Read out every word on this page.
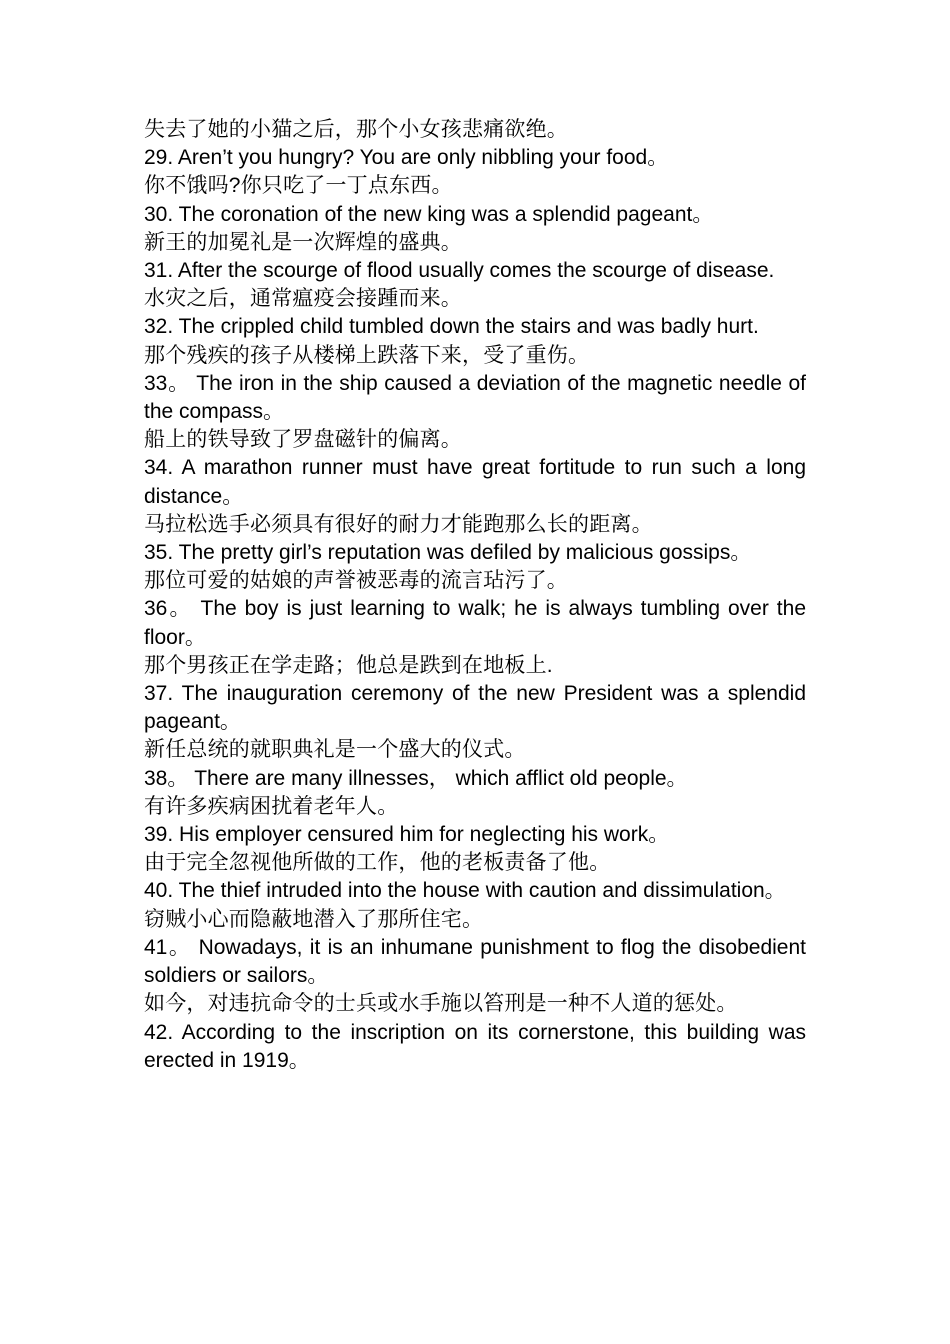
失去了她的小猫之后，那个小女孩悲痛欲绝。

29. Aren’t you hungry? You are only nibbling your food。

你不饿吗?你只吃了一丁点东西。

30. The coronation of the new king was a splendid pageant。

新王的加冕礼是一次辉煌的盛典。

31. After the scourge of flood usually comes the scourge of disease.

水灾之后，通常瘟疫会接踵而来。

32. The crippled child tumbled down the stairs and was badly hurt.

那个残疾的孩子从楼梯上跌落下来，受了重伤。

33。 The iron in the ship caused a deviation of the magnetic needle of the compass。

船上的铁导致了罗盘磁针的偏离。

34. A marathon runner must have great fortitude to run such a long distance。

马拉松选手必须具有很好的耐力才能跑那么长的距离。

35. The pretty girl’s reputation was defiled by malicious gossips。

那位可爱的姑娘的声誉被恶毒的流言玷污了。

36。 The boy is just learning to walk; he is always tumbling over the floor。

那个男孩正在学走路；他总是跌到在地板上.

37. The inauguration ceremony of the new President was a splendid pageant。

新任总统的就职典礼是一个盛大的仪式。

38。 There are many illnesses， which afflict old people。

有许多疾病困扰着老年人。

39. His employer censured him for neglecting his work。

由于完全忽视他所做的工作，他的老板责备了他。

40. The thief intruded into the house with caution and dissimulation。

窃贼小心而隐蔽地潜入了那所住宅。

41。 Nowadays, it is an inhumane punishment to flog the disobedient soldiers or sailors。

如今，对违抗命令的士兵或水手施以笞刑是一种不人道的惩处。

42. According to the inscription on its cornerstone, this building was erected in 1919。
